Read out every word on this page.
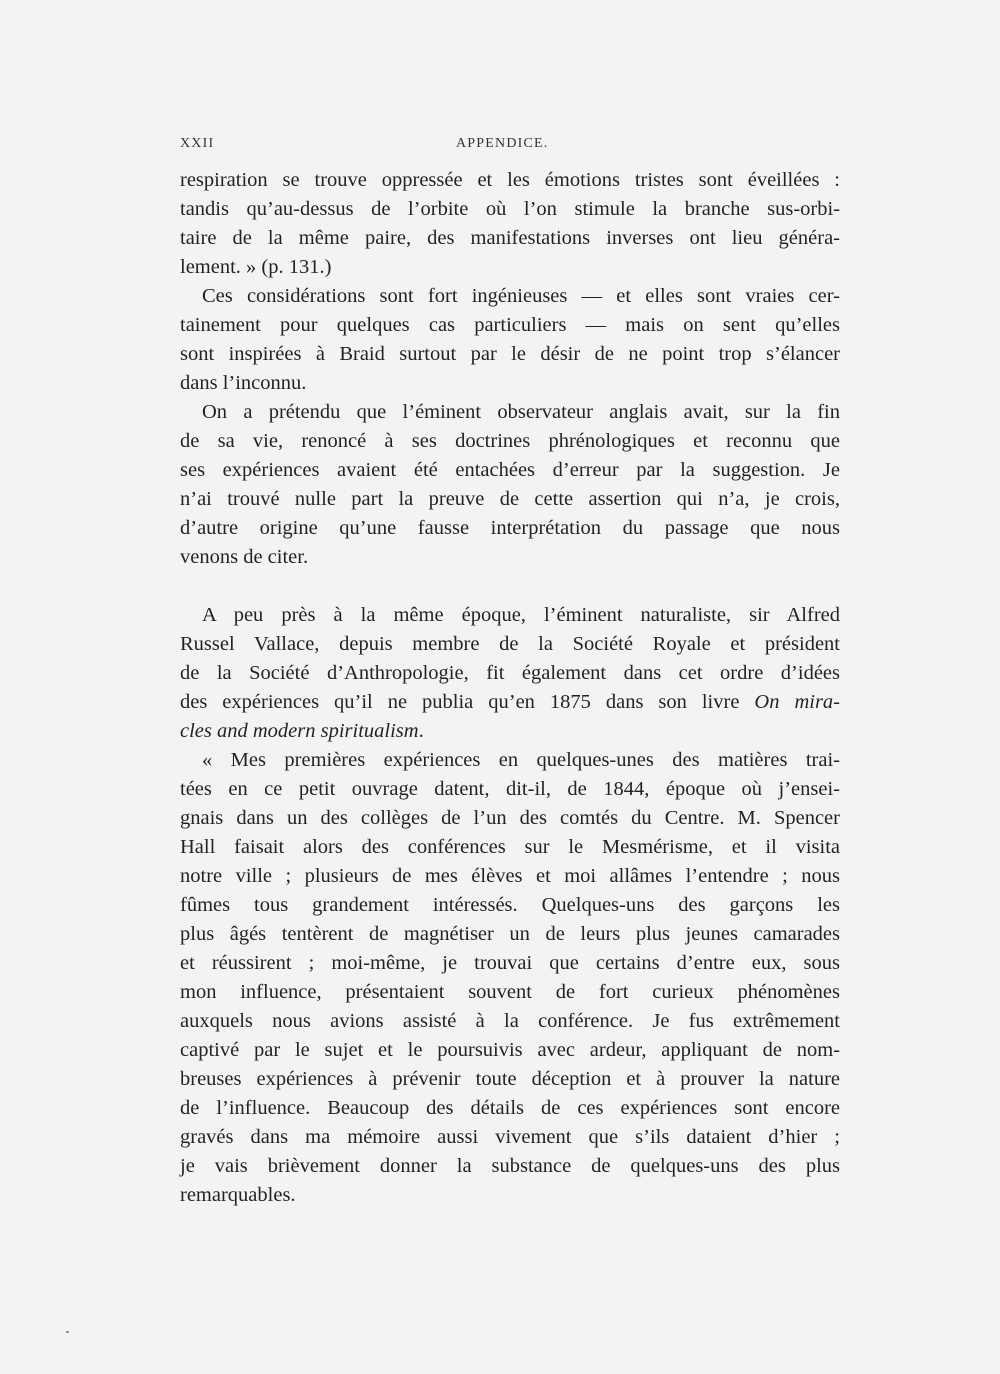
XXII	APPENDICE.
respiration se trouve oppressée et les émotions tristes sont éveillées :
tandis qu’au-dessus de l’orbite où l’on stimule la branche sus-orbi-
taire de la même paire, des manifestations inverses ont lieu généra-
lement. » (p. 131.)
Ces considérations sont fort ingénieuses — et elles sont vraies cer-
tainement pour quelques cas particuliers — mais on sent qu’elles
sont inspirées à Braid surtout par le désir de ne point trop s’élancer
dans l’inconnu.
On a prétendu que l’éminent observateur anglais avait, sur la fin
de sa vie, renoncé à ses doctrines phrénologiques et reconnu que
ses expériences avaient été entachées d’erreur par la suggestion. Je
n’ai trouvé nulle part la preuve de cette assertion qui n’a, je crois,
d’autre origine qu’une fausse interprétation du passage que nous
venons de citer.
A peu près à la même époque, l’éminent naturaliste, sir Alfred
Russel Vallace, depuis membre de la Société Royale et président
de la Société d’Anthropologie, fit également dans cet ordre d’idées
des expériences qu’il ne publia qu’en 1875 dans son livre On mira-
cles and modern spiritualism.
« Mes premières expériences en quelques-unes des matières trai-
tées en ce petit ouvrage datent, dit-il, de 1844, époque où j’ensei-
gnais dans un des collèges de l’un des comtés du Centre. M. Spencer
Hall faisait alors des conférences sur le Mesmérisme, et il visita
notre ville ; plusieurs de mes élèves et moi allâmes l’entendre ; nous
fûmes tous grandement intéressés. Quelques-uns des garçons les
plus âgés tentèrent de magnétiser un de leurs plus jeunes camarades
et réussirent ; moi-même, je trouvai que certains d’entre eux, sous
mon influence, présentaient souvent de fort curieux phénomènes
auxquels nous avions assisté à la conférence. Je fus extrêmement
captivé par le sujet et le poursuivis avec ardeur, appliquant de nom-
breuses expériences à prévenir toute déception et à prouver la nature
de l’influence. Beaucoup des détails de ces expériences sont encore
gravés dans ma mémoire aussi vivement que s’ils dataient d’hier ;
je vais brièvement donner la substance de quelques-uns des plus
remarquables.
